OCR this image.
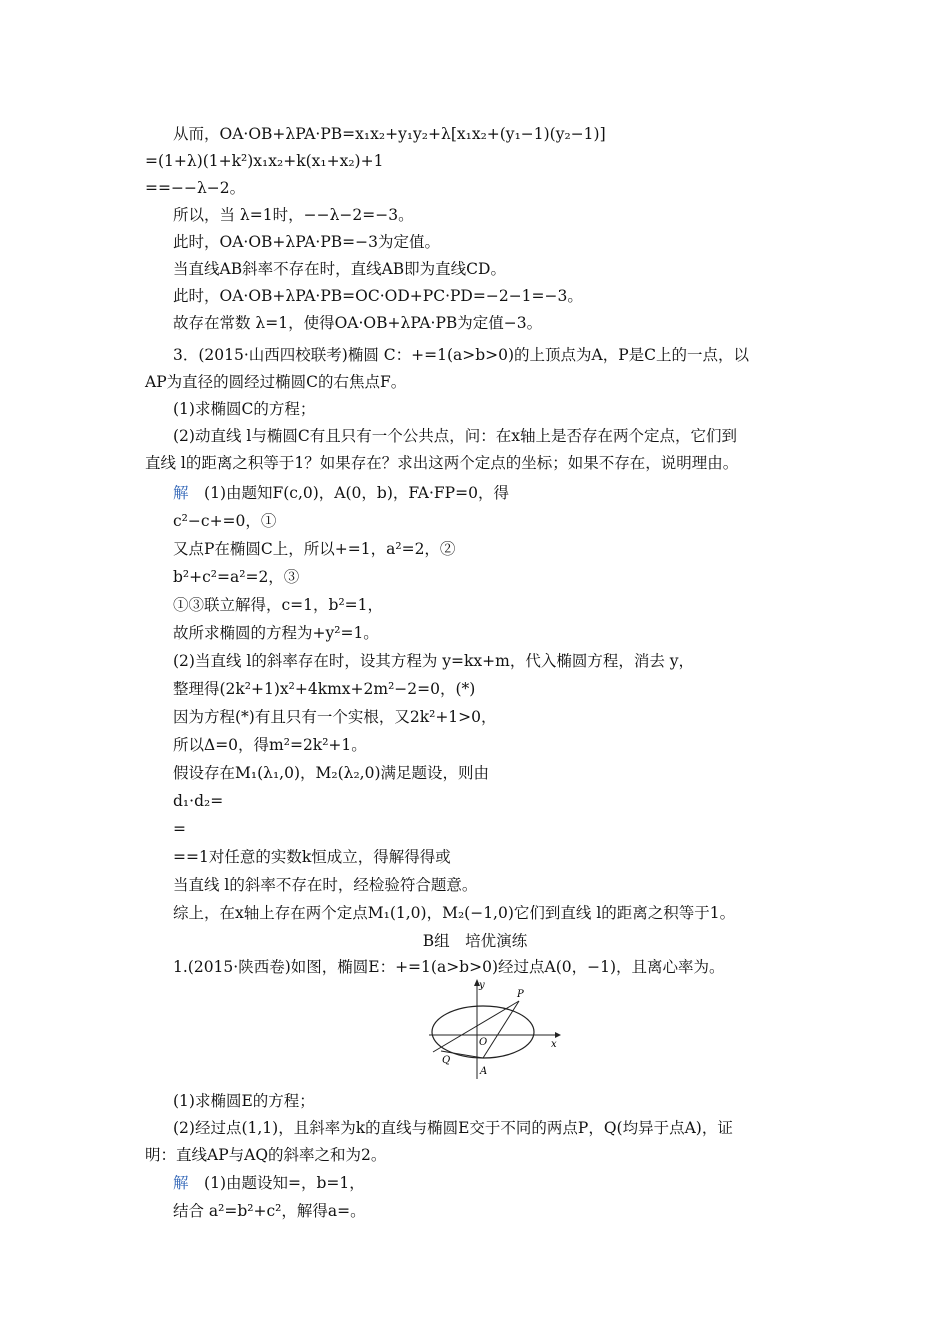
从而，OA·OB+λPA·PB=x₁x₂+y₁y₂+λ[x₁x₂+(y₁−1)(y₂−1)]
=(1+λ)(1+k²)x₁x₂+k(x₁+x₂)+1
==−−λ−2。
所以，当 λ=1时，−−λ−2=−3。
此时，OA·OB+λPA·PB=−3为定值。
当直线AB斜率不存在时，直线AB即为直线CD。
此时，OA·OB+λPA·PB=OC·OD+PC·PD=−2−1=−3。
故存在常数 λ=1，使得OA·OB+λPA·PB为定值−3。
3．(2015·山西四校联考)椭圆 C：+=1(a>b>0)的上顶点为A，P是C上的一点，以
AP为直径的圆经过椭圆C的右焦点F。
(1)求椭圆C的方程；
(2)动直线 l与椭圆C有且只有一个公共点，问：在x轴上是否存在两个定点，它们到
直线 l的距离之积等于1？如果存在？求出这两个定点的坐标；如果不存在，说明理由。
解　 (1)由题知F(c,0)，A(0，b)，FA·FP=0，得
c²−c+=0，①
又点P在椭圆C上，所以+=1，a²=2，②
b²+c²=a²=2，③
①③联立解得，c=1，b²=1，
故所求椭圆的方程为+y²=1。
(2)当直线 l的斜率存在时，设其方程为 y=kx+m，代入椭圆方程，消去 y，
整理得(2k²+1)x²+4kmx+2m²−2=0，(*)
因为方程(*)有且只有一个实根，又2k²+1>0，
所以Δ=0，得m²=2k²+1。
假设存在M₁(λ₁,0)，M₂(λ₂,0)满足题设，则由
d₁·d₂=
=
==1对任意的实数k恒成立，得解得得或
当直线 l的斜率不存在时，经检验符合题意。
综上，在x轴上存在两个定点M₁(1,0)，M₂(−1,0)它们到直线 l的距离之积等于1。
B组　培优演练
1.(2015·陕西卷)如图，椭圆E：+=1(a>b>0)经过点A(0，−1)，且离心率为。
y
P
O	x
Q
A
(1)求椭圆E的方程；
(2)经过点(1,1)，且斜率为k的直线与椭圆E交于不同的两点P，Q(均异于点A)，证
明：直线AP与AQ的斜率之和为2。
解　 (1)由题设知=，b=1，
结合 a²=b²+c²，解得a=。
